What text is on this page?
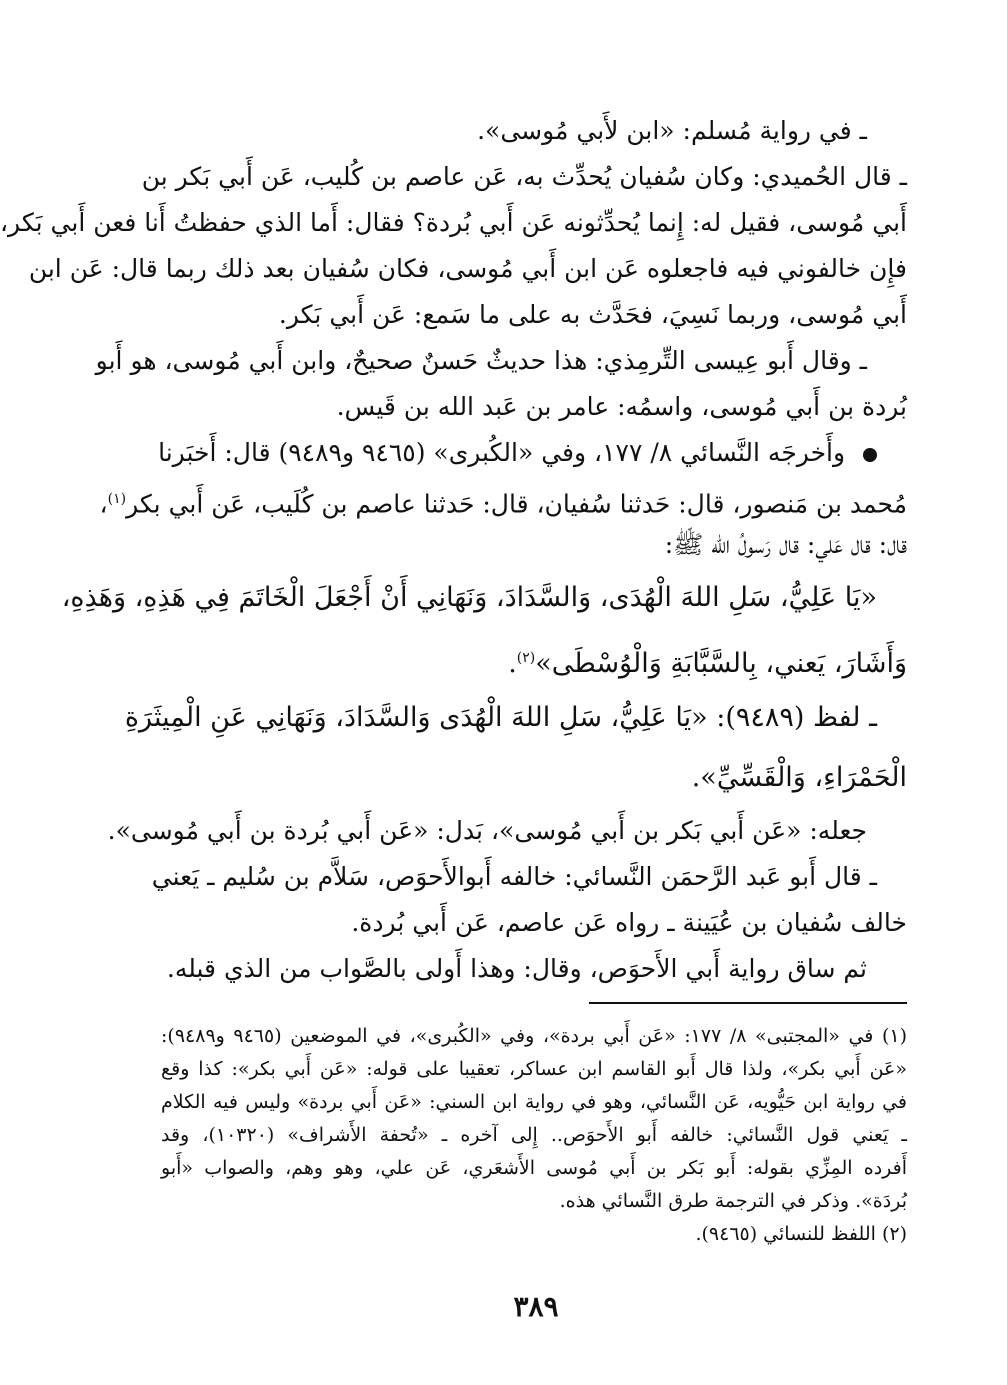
ـ في رواية مُسلم: «ابن لأَبي مُوسى».
ـ قال الحُميدي: وكان سُفيان يُحدِّث به، عَن عاصم بن كُليب، عَن أَبي بَكر بن
أَبي مُوسى، فقيل له: إِنما يُحدِّثونه عَن أَبي بُردة؟ فقال: أَما الذي حفظتُ أَنا فعن أَبي بَكر،
فإِن خالفوني فيه فاجعلوه عَن ابن أَبي مُوسى، فكان سُفيان بعد ذلك ربما قال: عَن ابن
أَبي مُوسى، وربما نَسِيَ، فحَدَّث به على ما سَمع: عَن أَبي بَكر.
ـ وقال أَبو عِيسى التِّرمِذي: هذا حديثٌ حَسنٌ صحيحٌ، وابن أَبي مُوسى، هو أَبو
بُردة بن أَبي مُوسى، واسمُه: عامر بن عَبد الله بن قَيس.
وأَخرجَه النَّسائي ٨/ ١٧٧، وفي «الكُبرى» (٩٤٦٥ و٩٤٨٩) قال: أَخبَرنا
مُحمد بن مَنصور، قال: حَدثنا سُفيان، قال: حَدثنا عاصم بن كُلَيب، عَن أَبي بكر$^{(١)}$،
قال: قال عَلي: قال رَسولُ الله ﷺ:
«يَا عَلِيُّ، سَلِ اللهَ الْهُدَى، وَالسَّدَادَ، وَنَهَانِي أَنْ أَجْعَلَ الْخَاتَمَ فِي هَذِهِ، وَهَذِهِ،
وَأَشَارَ، يَعني، بِالسَّبَّابَةِ وَالْوُسْطَى»$^{(٢)}$.
ـ لفظ (٩٤٨٩): «يَا عَلِيُّ، سَلِ اللهَ الْهُدَى وَالسَّدَادَ، وَنَهَانِي عَنِ الْمِيثَرَةِ
الْحَمْرَاءِ، وَالْقَسِّيِّ».
جعله: «عَن أَبي بَكر بن أَبي مُوسى»، بَدل: «عَن أَبي بُردة بن أَبي مُوسى».
ـ قال أَبو عَبد الرَّحمَن النَّسائي: خالفه أَبوالأَحوَص، سَلاَّم بن سُليم ـ يَعني
خالف سُفيان بن عُيَينة ـ رواه عَن عاصم، عَن أَبي بُردة.
ثم ساق رواية أَبي الأَحوَص، وقال: وهذا أَولى بالصَّواب من الذي قبله.
(١) في «المجتبى» ٨/ ١٧٧: «عَن أَبي بردة»، وفي «الكُبرى»، في الموضعين (٩٤٦٥ و٩٤٨٩):
«عَن أَبي بكر»، ولذا قال أَبو القاسم ابن عساكر، تعقيبا على قوله: «عَن أَبي بكر»: كذا وقع
في رواية ابن حَيُّويه، عَن النَّسائي، وهو في رواية ابن السني: «عَن أَبي بردة» وليس فيه الكلام
ـ يَعني قول النَّسائي: خالفه أَبو الأَحوَص.. إِلى آخره ـ «تُحفة الأَشراف» (١٠٣٢٠)، وقد
أَفرده المِزِّي بقوله: أَبو بَكر بن أَبي مُوسى الأَشعَري، عَن علي، وهو وهم، والصواب «أَبو
بُردَة». وذكر في الترجمة طرق النَّسائي هذه.
(٢) اللفظ للنسائي (٩٤٦٥).
٣٨٩
